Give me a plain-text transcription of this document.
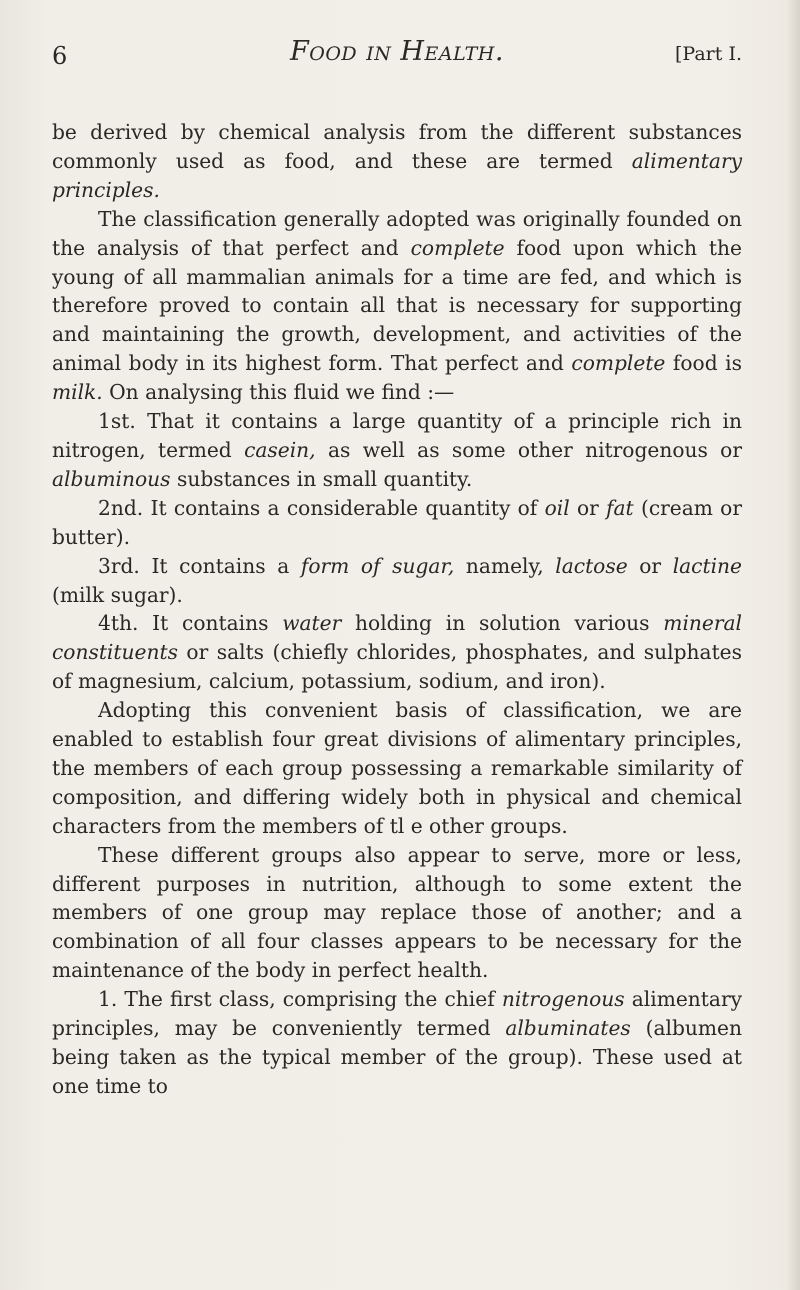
6	Food in Health.	[Part I.

be derived by chemical analysis from the different substances commonly used as food, and these are termed alimentary principles.

The classification generally adopted was originally founded on the analysis of that perfect and complete food upon which the young of all mammalian animals for a time are fed, and which is therefore proved to contain all that is necessary for supporting and maintaining the growth, development, and activities of the animal body in its highest form. That perfect and complete food is milk. On analysing this fluid we find :—

1st. That it contains a large quantity of a principle rich in nitrogen, termed casein, as well as some other nitrogenous or albuminous substances in small quantity.

2nd. It contains a considerable quantity of oil or fat (cream or butter).

3rd. It contains a form of sugar, namely, lactose or lactine (milk sugar).

4th. It contains water holding in solution various mineral constituents or salts (chiefly chlorides, phosphates, and sulphates of magnesium, calcium, potassium, sodium, and iron).

Adopting this convenient basis of classification, we are enabled to establish four great divisions of alimentary principles, the members of each group possessing a remarkable similarity of composition, and differing widely both in physical and chemical characters from the members of tl e other groups.

These different groups also appear to serve, more or less, different purposes in nutrition, although to some extent the members of one group may replace those of another; and a combination of all four classes appears to be necessary for the maintenance of the body in perfect health.

1. The first class, comprising the chief nitrogenous alimentary principles, may be conveniently termed albuminates (albumen being taken as the typical member of the group). These used at one time to
